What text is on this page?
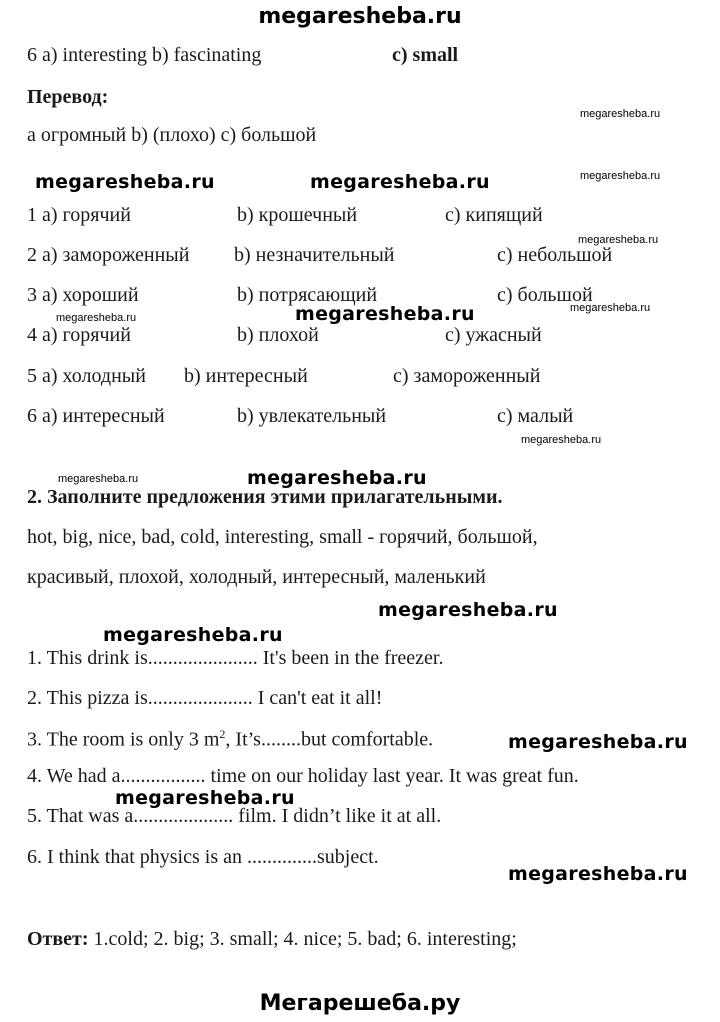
megaresheba.ru
6 a) interesting b) fascinating	c) small
Перевод:
megaresheba.ru
a огромный b) (плохо) c) большой
megaresheba.ru	megaresheba.ru	megaresheba.ru
1 a) горячий	b) крошечный	c) кипящий
megaresheba.ru
2 a) замороженный b) незначительный	c) небольшой
3 a) хороший	b) потрясающий	c) большой
megaresheba.ru	megaresheba.ru	megaresheba.ru
4 a) горячий	b) плохой	c) ужасный
5 a) холодный b) интересный	c) замороженный
6 a) интересный	b) увлекательный	c) малый
megaresheba.ru
megaresheba.ru	megaresheba.ru
2. Заполните предложения этими прилагательными.
hot, big, nice, bad, cold, interesting, small - горячий, большой,
красивый, плохой, холодный, интересный, маленький
megaresheba.ru
megaresheba.ru
1. This drink is...................... It's been in the freezer.
2. This pizza is..................... I can't eat it all!
3. The room is only 3 $m^2$, It’s........but comfortable.	megaresheba.ru
4. We had a................. time on our holiday last year. It was great fun.
megaresheba.ru
5. That was a.................... film. I didn’t like it at all.
6. I think that physics is an ..............subject.
megaresheba.ru
Ответ: 1.cold; 2. big; 3. small; 4. nice; 5. bad; 6. interesting;
Мегарешеба.ру
